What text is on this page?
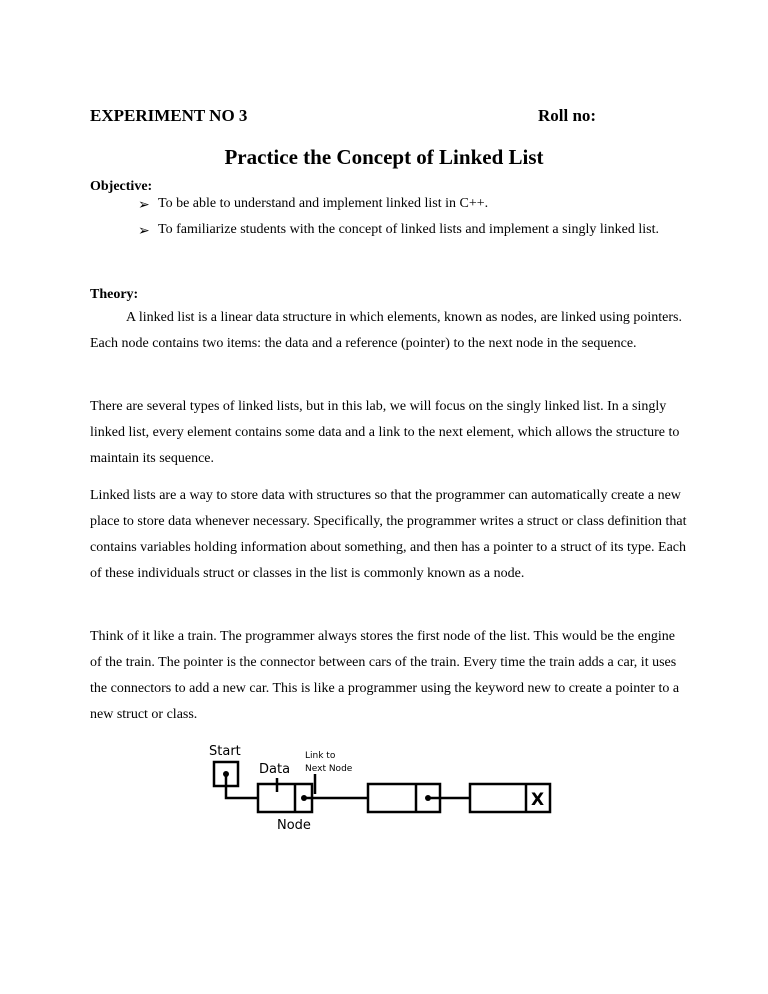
EXPERIMENT NO 3	Roll no:
Practice the Concept of Linked List
Objective:
➢ To be able to understand and implement linked list in C++.
➢ To familiarize students with the concept of linked lists and implement a singly linked list.
Theory:
A linked list is a linear data structure in which elements, known as nodes, are linked using pointers. Each node contains two items: the data and a reference (pointer) to the next node in the sequence.
There are several types of linked lists, but in this lab, we will focus on the singly linked list. In a singly linked list, every element contains some data and a link to the next element, which allows the structure to maintain its sequence.
Linked lists are a way to store data with structures so that the programmer can automatically create a new place to store data whenever necessary. Specifically, the programmer writes a struct or class definition that contains variables holding information about something, and then has a pointer to a struct of its type. Each of these individuals struct or classes in the list is commonly known as a node.
Think of it like a train. The programmer always stores the first node of the list. This would be the engine of the train. The pointer is the connector between cars of the train. Every time the train adds a car, it uses the connectors to add a new car. This is like a programmer using the keyword new to create a pointer to a new struct or class.
Start
Data
Link to
Next Node
Node
X
